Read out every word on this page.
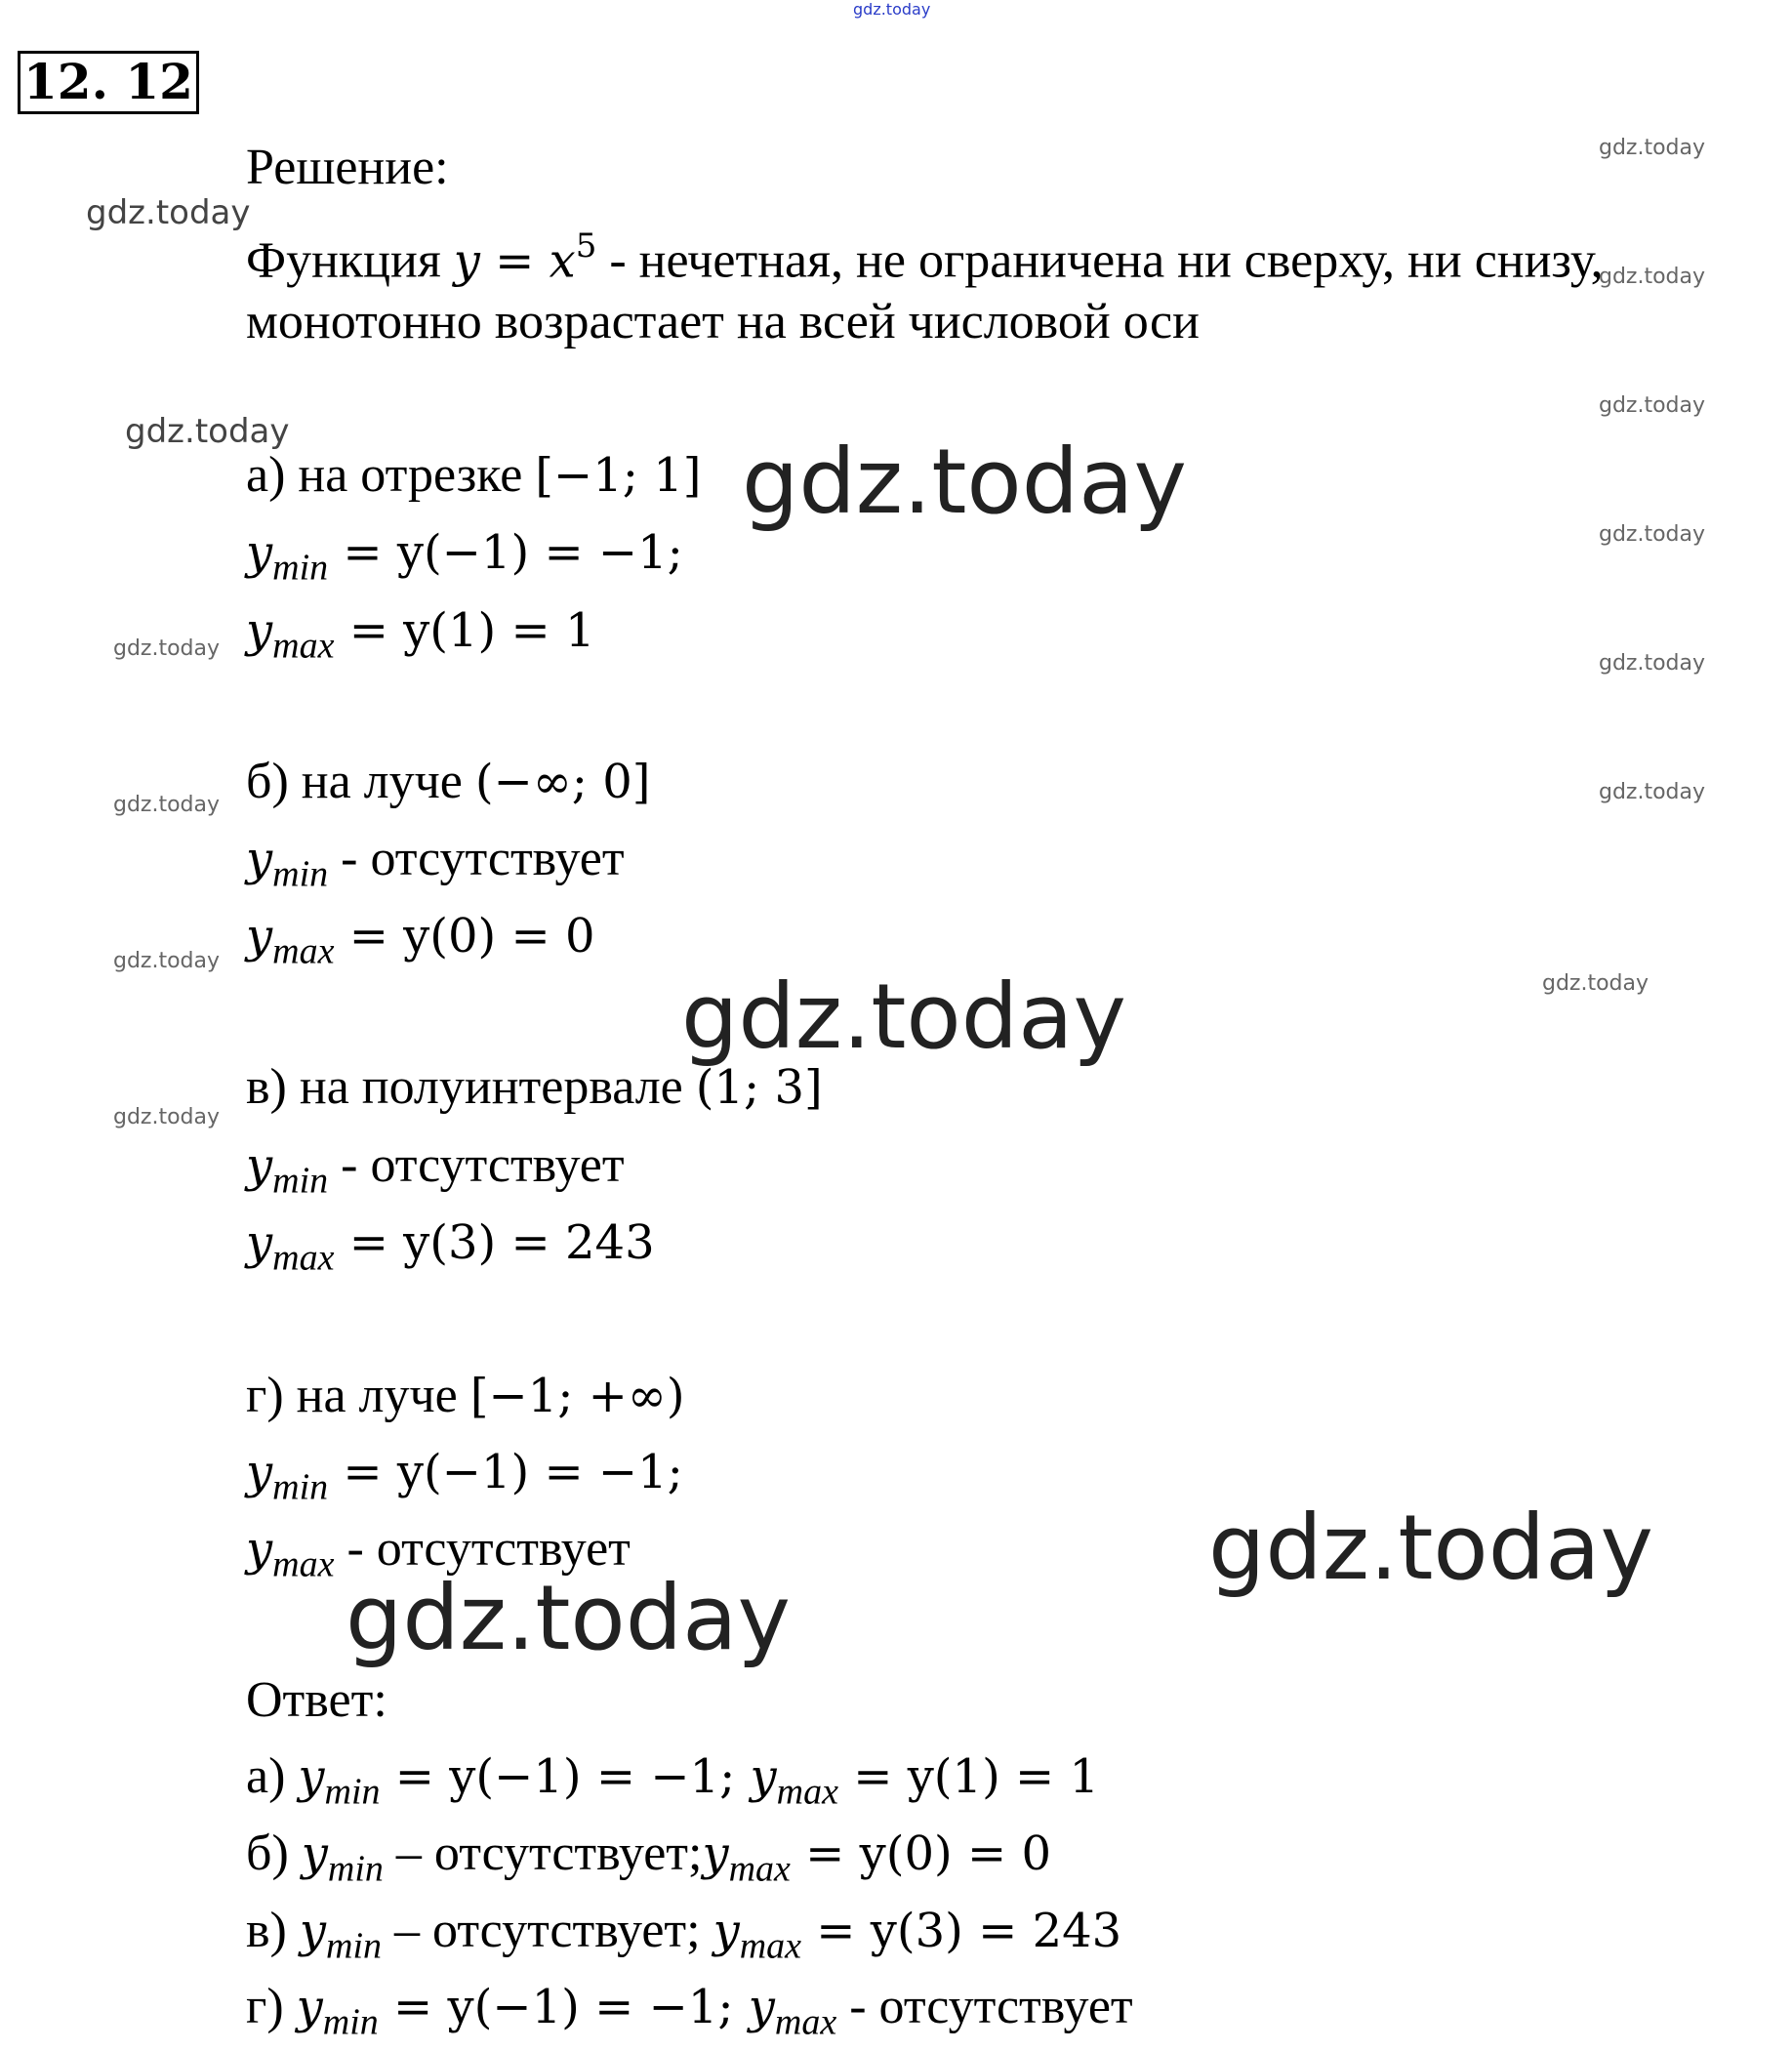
gdz.today
gdz.today
gdz.today
gdz.today
gdz.today
gdz.today
gdz.today
gdz.today
gdz.today
gdz.today
gdz.today
gdz.today
gdz.today
gdz.today
gdz.today
gdz.today
gdz.today
gdz.today
12. 12
Решение:
Функция $y = x^5$ - нечетная, не ограничена ни сверху, ни снизу,
монотонно возрастает на всей числовой оси
а) на отрезке [−1; 1]
$y_{min} = y(-1) = -1$;
$y_{max} = y(1) = 1$
б) на луче (−∞; 0]
$y_{min}$ - отсутствует
$y_{max} = y(0) = 0$
в) на полуинтервале (1; 3]
$y_{min}$ - отсутствует
$y_{max} = y(3) = 243$
г) на луче [−1; +∞)
$y_{min} = y(-1) = -1$;
$y_{max}$ - отсутствует
Ответ:
а) $y_{min} = y(-1) = -1$; $y_{max} = y(1) = 1$
б) $y_{min}$ – $отсутствует;y_{max} = y(0) = 0$
в) $y_{min}$ – отсутствует; $y_{max} = y(3) = 243$
г) $y_{min} = y(-1) = -1$; $y_{max}$ - отсутствует
